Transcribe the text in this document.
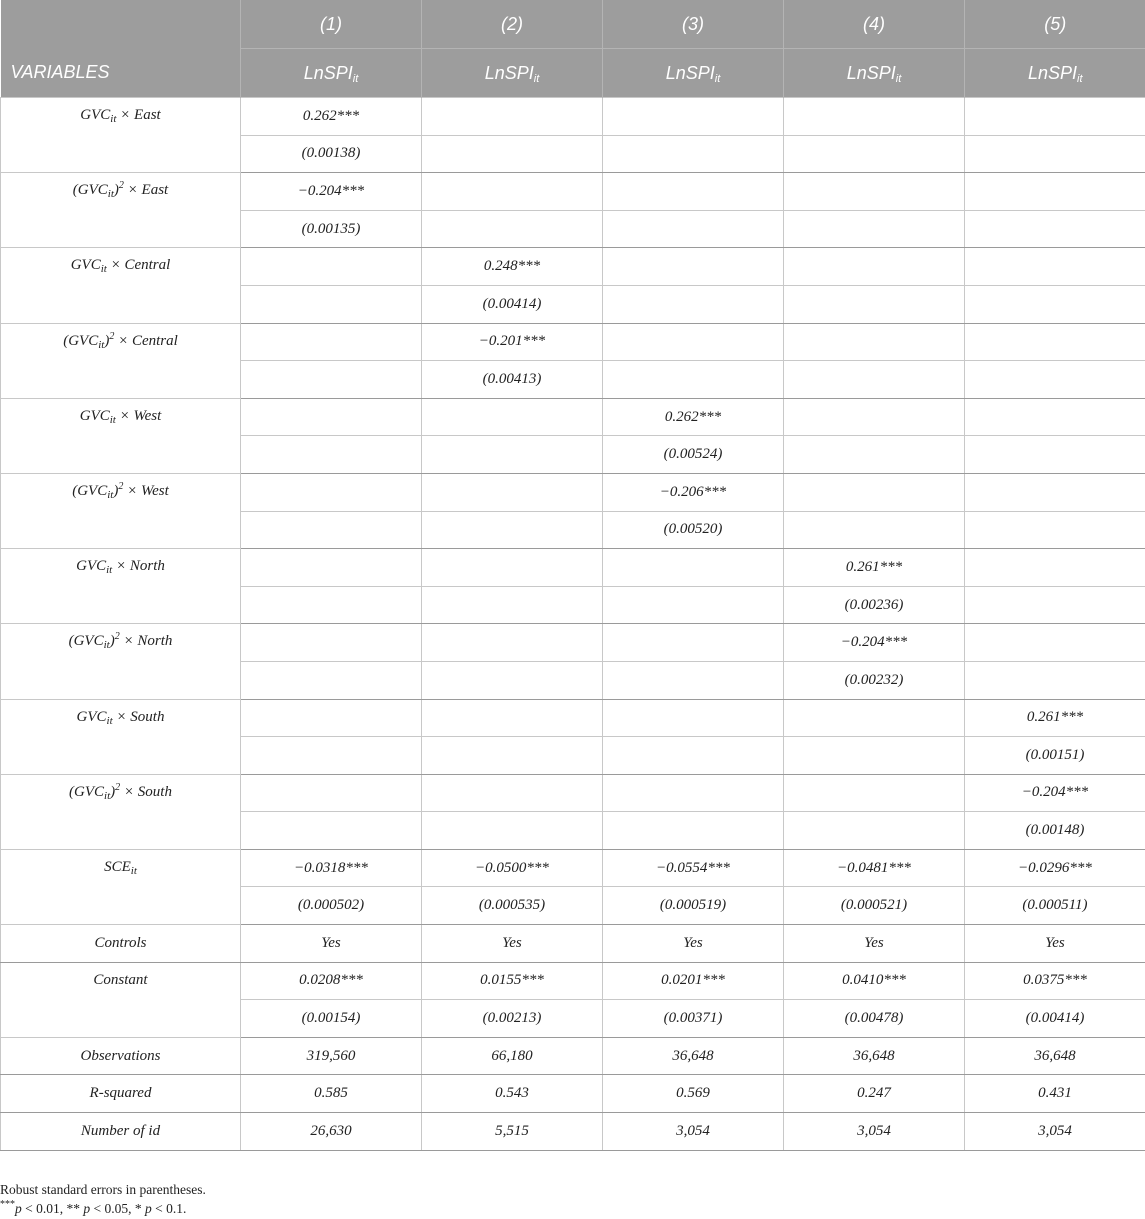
	(1)	(2)	(3)	(4)	(5)
VARIABLES	LnSPI$_{it}$	LnSPI$_{it}$	LnSPI$_{it}$	LnSPI$_{it}$	LnSPI$_{it}$
$GVC_{it}$ × East	0.262***				
	(0.00138)				
$(GVC_{it})^2$ × East	−0.204***				
	(0.00135)				
$GVC_{it}$ × Central		0.248***			
		(0.00414)			
$(GVC_{it})^2$ × Central		−0.201***			
		(0.00413)			
$GVC_{it}$ × West			0.262***		
			(0.00524)		
$(GVC_{it})^2$ × West			−0.206***		
			(0.00520)		
$GVC_{it}$ × North				0.261***	
				(0.00236)	
$(GVC_{it})^2$ × North				−0.204***	
				(0.00232)	
$GVC_{it}$ × South					0.261***
					(0.00151)
$(GVC_{it})^2$ × South					−0.204***
					(0.00148)
$SCE_{it}$	−0.0318***	−0.0500***	−0.0554***	−0.0481***	−0.0296***
	(0.000502)	(0.000535)	(0.000519)	(0.000521)	(0.000511)
Controls	Yes	Yes	Yes	Yes	Yes
Constant	0.0208***	0.0155***	0.0201***	0.0410***	0.0375***
	(0.00154)	(0.00213)	(0.00371)	(0.00478)	(0.00414)
Observations	319,560	66,180	36,648	36,648	36,648
R-squared	0.585	0.543	0.569	0.247	0.431
Number of id	26,630	5,515	3,054	3,054	3,054
Robust standard errors in parentheses.
***p < 0.01, ** p < 0.05, * p < 0.1.
